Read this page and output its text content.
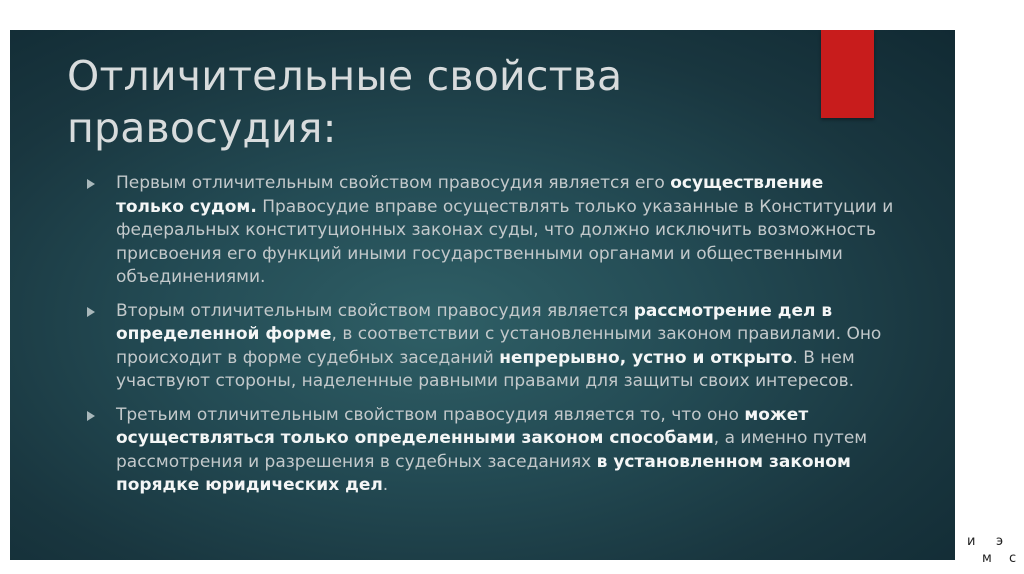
Отличительные свойства правосудия:
Первым отличительным свойством правосудия является его осуществление только судом. Правосудие вправе осуществлять только указанные в Конституции и федеральных конституционных законах суды, что должно исключить возможность присвоения его функций иными государственными органами и общественными объединениями.
Вторым отличительным свойством правосудия является рассмотрение дел в определенной форме, в соответствии с установленными законом правилами. Оно происходит в форме судебных заседаний непрерывно, устно и открыто. В нем участвуют стороны, наделенные равными правами для защиты своих интересов.
Третьим отличительным свойством правосудия является то, что оно может осуществляться только определенными законом способами, а именно путем рассмотрения и разрешения в судебных заседаниях в установленном законом порядке юридических дел.
и э
м с
